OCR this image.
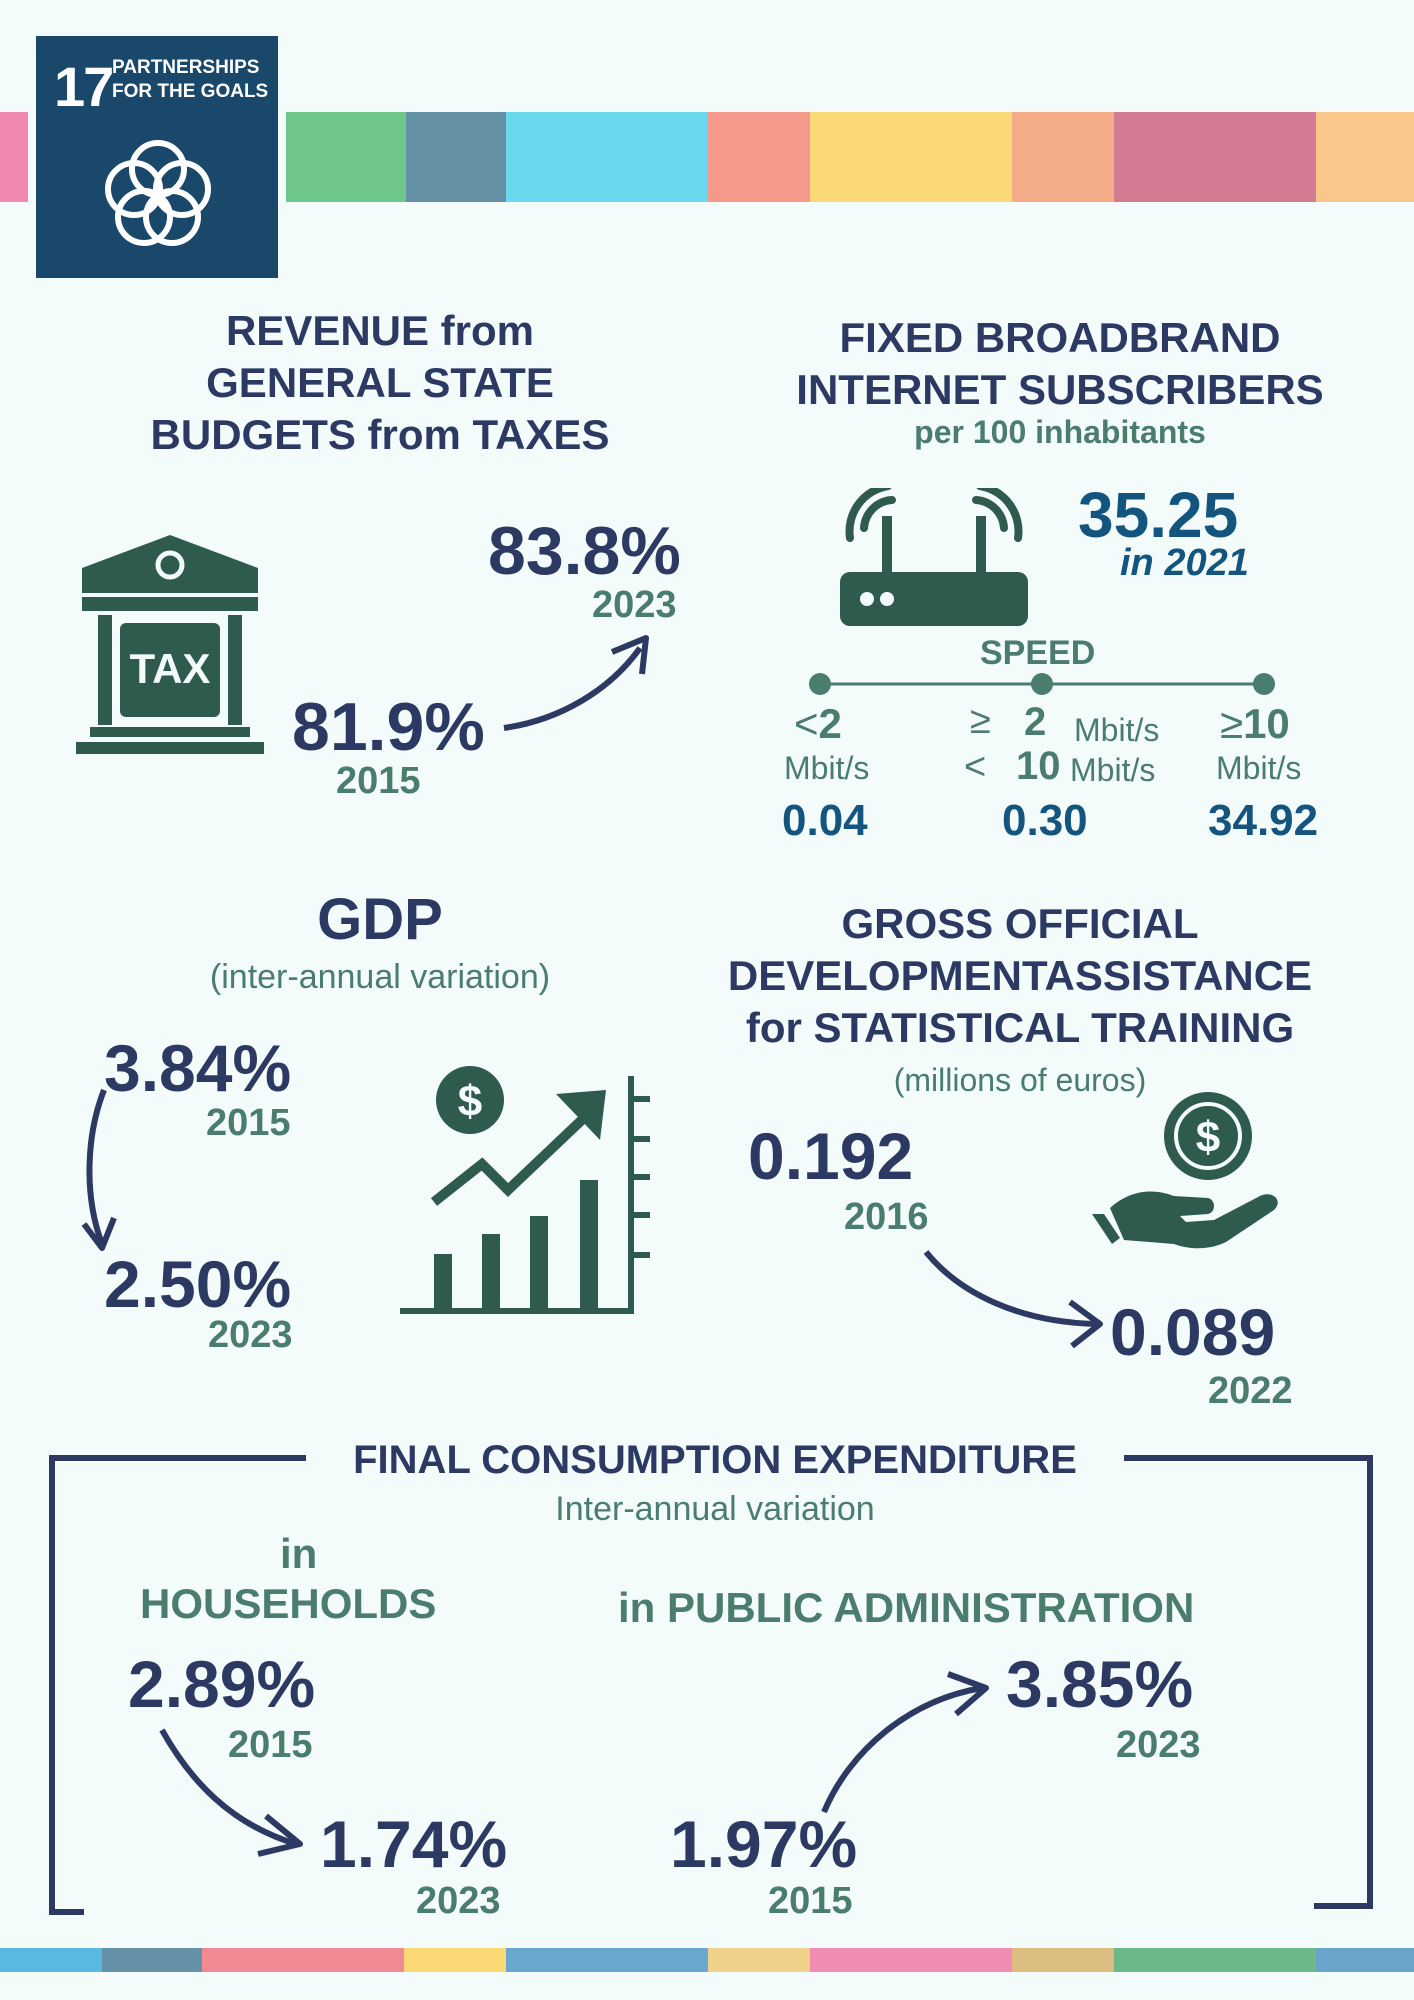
17 PARTNERSHIPS
FOR THE GOALS
REVENUE from
GENERAL STATE
BUDGETS from TAXES
TAX
83.8%
2023
81.9%
2015
FIXED BROADBRAND
INTERNET SUBSCRIBERS
per 100 inhabitants
35.25
in 2021
SPEED
<2
Mbit/s
0.04
≥ 2 Mbit/s
< 10 Mbit/s
0.30
≥10
Mbit/s
34.92
GDP
(inter-annual variation)
3.84%
2015
2.50%
2023
$
GROSS OFFICIAL
DEVELOPMENTASSISTANCE
for STATISTICAL TRAINING
(millions of euros)
0.192
2016
$
0.089
2022
FINAL CONSUMPTION EXPENDITURE
Inter-annual variation
in
HOUSEHOLDS
2.89%
2015
1.74%
2023
in PUBLIC ADMINISTRATION
3.85%
2023
1.97%
2015
